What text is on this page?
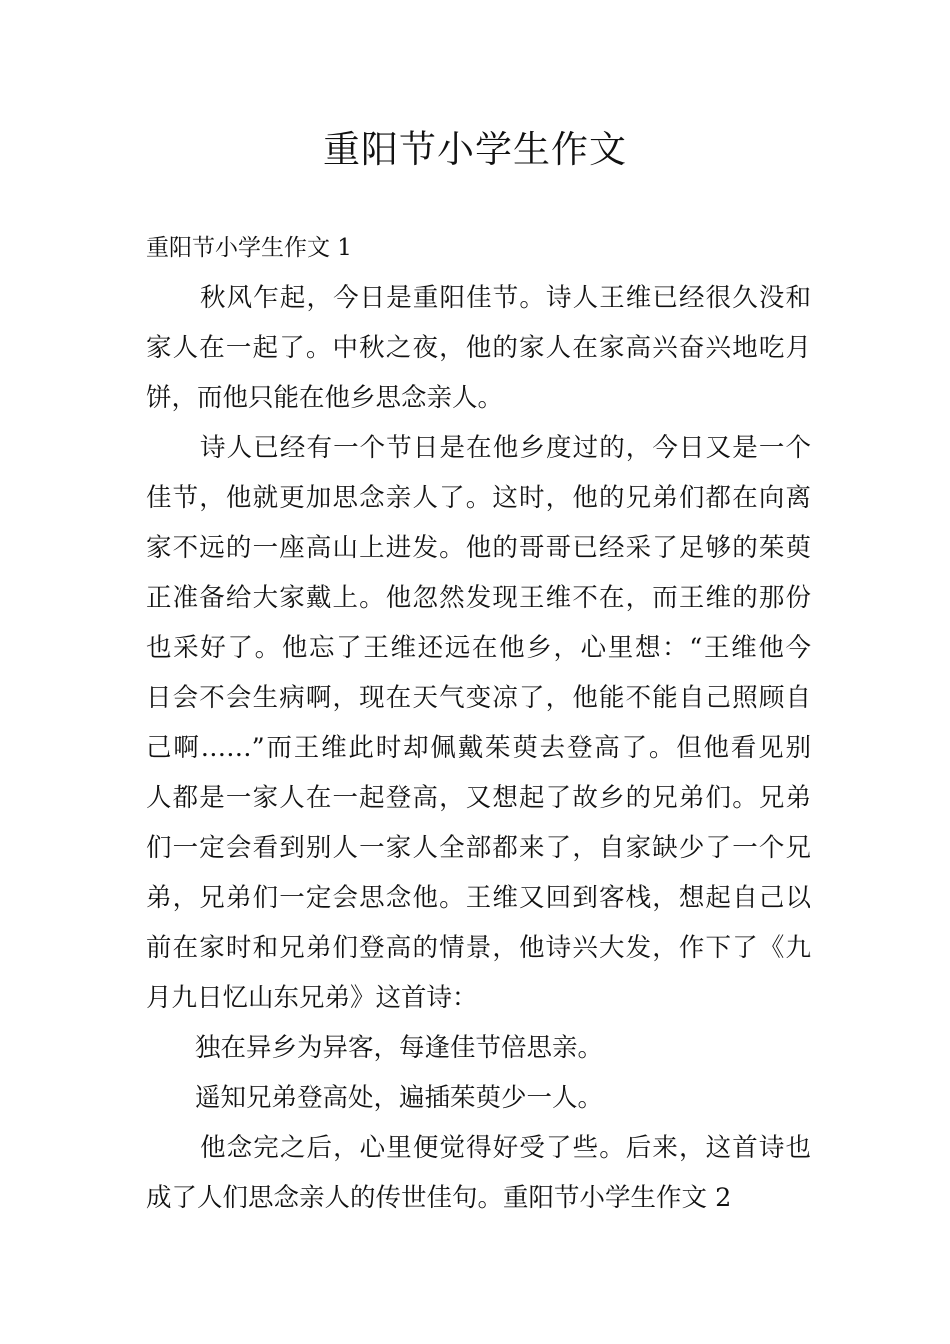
重阳节小学生作文

重阳节小学生作文 1

秋风乍起，今日是重阳佳节。诗人王维已经很久没和

家人在一起了。中秋之夜，他的家人在家高兴奋兴地吃月

饼，而他只能在他乡思念亲人。

诗人已经有一个节日是在他乡度过的，今日又是一个

佳节，他就更加思念亲人了。这时，他的兄弟们都在向离

家不远的一座高山上进发。他的哥哥已经采了足够的茱萸

正准备给大家戴上。他忽然发现王维不在，而王维的那份

也采好了。他忘了王维还远在他乡，心里想：“王维他今

日会不会生病啊，现在天气变凉了，他能不能自己照顾自

己啊……”而王维此时却佩戴茱萸去登高了。但他看见别

人都是一家人在一起登高，又想起了故乡的兄弟们。兄弟

们一定会看到别人一家人全部都来了，自家缺少了一个兄

弟，兄弟们一定会思念他。王维又回到客栈，想起自己以

前在家时和兄弟们登高的情景，他诗兴大发，作下了《九

月九日忆山东兄弟》这首诗：

独在异乡为异客，每逢佳节倍思亲。

遥知兄弟登高处，遍插茱萸少一人。

他念完之后，心里便觉得好受了些。后来，这首诗也

成了人们思念亲人的传世佳句。重阳节小学生作文 2
